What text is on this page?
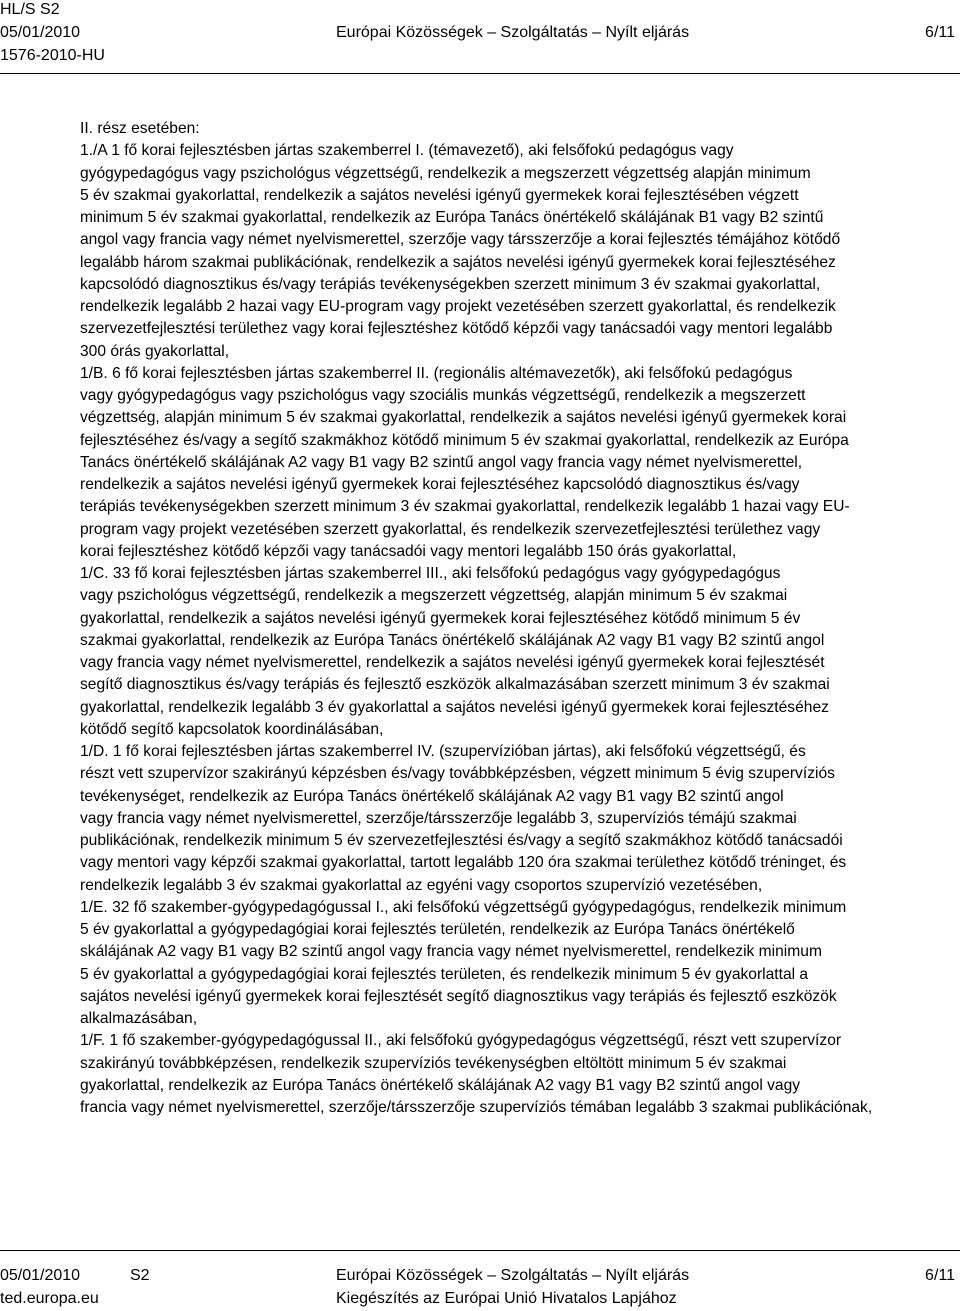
HL/S S2
05/01/2010	Európai Közösségek – Szolgáltatás – Nyílt eljárás	6/11
1576-2010-HU
II. rész esetében:
1./A 1 fő korai fejlesztésben jártas szakemberrel I. (témavezető), aki felsőfokú pedagógus vagy
gyógypedagógus vagy pszichológus végzettségű, rendelkezik a megszerzett végzettség alapján minimum
5 év szakmai gyakorlattal, rendelkezik a sajátos nevelési igényű gyermekek korai fejlesztésében végzett
minimum 5 év szakmai gyakorlattal, rendelkezik az Európa Tanács önértékelő skálájának B1 vagy B2 szintű
angol vagy francia vagy német nyelvismerettel, szerzője vagy társszerzője a korai fejlesztés témájához kötődő
legalább három szakmai publikációnak, rendelkezik a sajátos nevelési igényű gyermekek korai fejlesztéséhez
kapcsolódó diagnosztikus és/vagy terápiás tevékenységekben szerzett minimum 3 év szakmai gyakorlattal,
rendelkezik legalább 2 hazai vagy EU-program vagy projekt vezetésében szerzett gyakorlattal, és rendelkezik
szervezetfejlesztési területhez vagy korai fejlesztéshez kötődő képzői vagy tanácsadói vagy mentori legalább
300 órás gyakorlattal,
1/B. 6 fő korai fejlesztésben jártas szakemberrel II. (regionális altémavezetők), aki felsőfokú pedagógus
vagy gyógypedagógus vagy pszichológus vagy szociális munkás végzettségű, rendelkezik a megszerzett
végzettség, alapján minimum 5 év szakmai gyakorlattal, rendelkezik a sajátos nevelési igényű gyermekek korai
fejlesztéséhez és/vagy a segítő szakmákhoz kötődő minimum 5 év szakmai gyakorlattal, rendelkezik az Európa
Tanács önértékelő skálájának A2 vagy B1 vagy B2 szintű angol vagy francia vagy német nyelvismerettel,
rendelkezik a sajátos nevelési igényű gyermekek korai fejlesztéséhez kapcsolódó diagnosztikus és/vagy
terápiás tevékenységekben szerzett minimum 3 év szakmai gyakorlattal, rendelkezik legalább 1 hazai vagy EU-
program vagy projekt vezetésében szerzett gyakorlattal, és rendelkezik szervezetfejlesztési területhez vagy
korai fejlesztéshez kötődő képzői vagy tanácsadói vagy mentori legalább 150 órás gyakorlattal,
1/C. 33 fő korai fejlesztésben jártas szakemberrel III., aki felsőfokú pedagógus vagy gyógypedagógus
vagy pszichológus végzettségű, rendelkezik a megszerzett végzettség, alapján minimum 5 év szakmai
gyakorlattal, rendelkezik a sajátos nevelési igényű gyermekek korai fejlesztéséhez kötődő minimum 5 év
szakmai gyakorlattal, rendelkezik az Európa Tanács önértékelő skálájának A2 vagy B1 vagy B2 szintű angol
vagy francia vagy német nyelvismerettel, rendelkezik a sajátos nevelési igényű gyermekek korai fejlesztését
segítő diagnosztikus és/vagy terápiás és fejlesztő eszközök alkalmazásában szerzett minimum 3 év szakmai
gyakorlattal, rendelkezik legalább 3 év gyakorlattal a sajátos nevelési igényű gyermekek korai fejlesztéséhez
kötődő segítő kapcsolatok koordinálásában,
1/D. 1 fő korai fejlesztésben jártas szakemberrel IV. (szupervízióban jártas), aki felsőfokú végzettségű, és
részt vett szupervízor szakirányú képzésben és/vagy továbbképzésben, végzett minimum 5 évig szupervíziós
tevékenységet, rendelkezik az Európa Tanács önértékelő skálájának A2 vagy B1 vagy B2 szintű angol
vagy francia vagy német nyelvismerettel, szerzője/társszerzője legalább 3, szupervíziós témájú szakmai
publikációnak, rendelkezik minimum 5 év szervezetfejlesztési és/vagy a segítő szakmákhoz kötődő tanácsadói
vagy mentori vagy képzői szakmai gyakorlattal, tartott legalább 120 óra szakmai területhez kötődő tréninget, és
rendelkezik legalább 3 év szakmai gyakorlattal az egyéni vagy csoportos szupervízió vezetésében,
1/E. 32 fő szakember-gyógypedagógussal I., aki felsőfokú végzettségű gyógypedagógus, rendelkezik minimum
5 év gyakorlattal a gyógypedagógiai korai fejlesztés területén, rendelkezik az Európa Tanács önértékelő
skálájának A2 vagy B1 vagy B2 szintű angol vagy francia vagy német nyelvismerettel, rendelkezik minimum
5 év gyakorlattal a gyógypedagógiai korai fejlesztés területen, és rendelkezik minimum 5 év gyakorlattal a
sajátos nevelési igényű gyermekek korai fejlesztését segítő diagnosztikus vagy terápiás és fejlesztő eszközök
alkalmazásában,
1/F. 1 fő szakember-gyógypedagógussal II., aki felsőfokú gyógypedagógus végzettségű, részt vett szupervízor
szakirányú továbbképzésen, rendelkezik szupervíziós tevékenységben eltöltött minimum 5 év szakmai
gyakorlattal, rendelkezik az Európa Tanács önértékelő skálájának A2 vagy B1 vagy B2 szintű angol vagy
francia vagy német nyelvismerettel, szerzője/társszerzője szupervíziós témában legalább 3 szakmai publikációnak,
05/01/2010	S2	Európai Közösségek – Szolgáltatás – Nyílt eljárás	6/11
ted.europa.eu	Kiegészítés az Európai Unió Hivatalos Lapjához
